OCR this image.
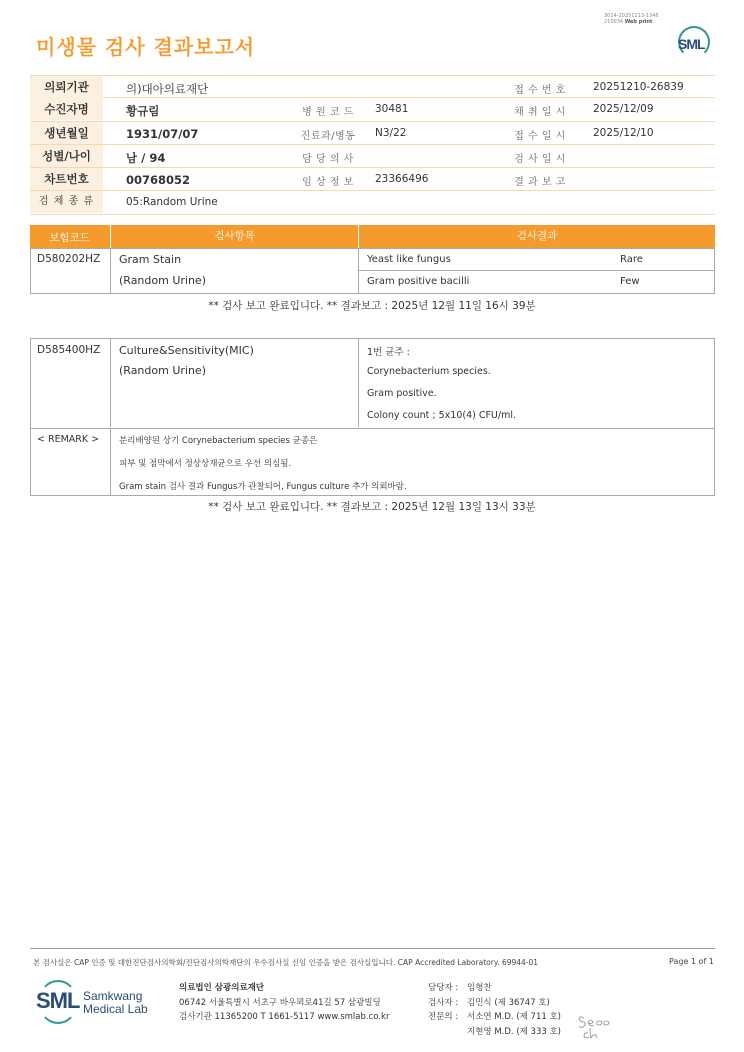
3014-20251213-1346
210034 Web print
미생물 검사 결과보고서	SML
의뢰기관	의)대아의료재단	접 수 번 호	20251210-26839
수진자명	황규림	병 원 코 드	30481	채 취 일 시	2025/12/09
생년월일	1931/07/07	진료과/병동 N3/22	접 수 일 시	2025/12/10
성별/나이	남 / 94	담 당 의 사	검 사 일 시
차트번호	00768052	임 상 정 보	23366496	결 과 보 고
검 체 종 류	05:Random Urine
보험코드	검사항목	검사결과
D580202HZ Gram Stain
(Random Urine)
Yeast like fungus	Rare
Gram positive bacilli	Few
** 검사 보고 완료입니다. ** 결과보고 : 2025년 12월 11일 16시 39분
D585400HZ Culture&Sensitivity(MIC)
(Random Urine)
1번 균주 :
Corynebacterium species.
Gram positive.
Colony count ; 5x10(4) CFU/ml.
< REMARK > 분리배양된 상기 Corynebacterium species 균종은
피부 및 점막에서 정상상재균으로 우선 의심됨.
Gram stain 검사 결과 Fungus가 관찰되어, Fungus culture 추가 의뢰바람.
** 검사 보고 완료입니다. ** 결과보고 : 2025년 12월 13일 13시 33분
본 검사실은 CAP 인증 및 대한진단검사의학회/진단검사의학재단의 우수검사실 신임 인증을 받은 검사실입니다. CAP Accredited Laboratory. 69944-01	Page 1 of 1
SML Samkwang
Medical Lab
의료법인 삼광의료재단
06742 서울특별시 서초구 바우뫼로41길 57 삼광빌딩
검사기관 11365200 T 1661-5117 www.smlab.co.kr
담당자 : 임형찬
검사자 : 김민식 (제 36747 호)
전문의 : 서소연 M.D. (제 711 호)
지현영 M.D. (제 333 호)
